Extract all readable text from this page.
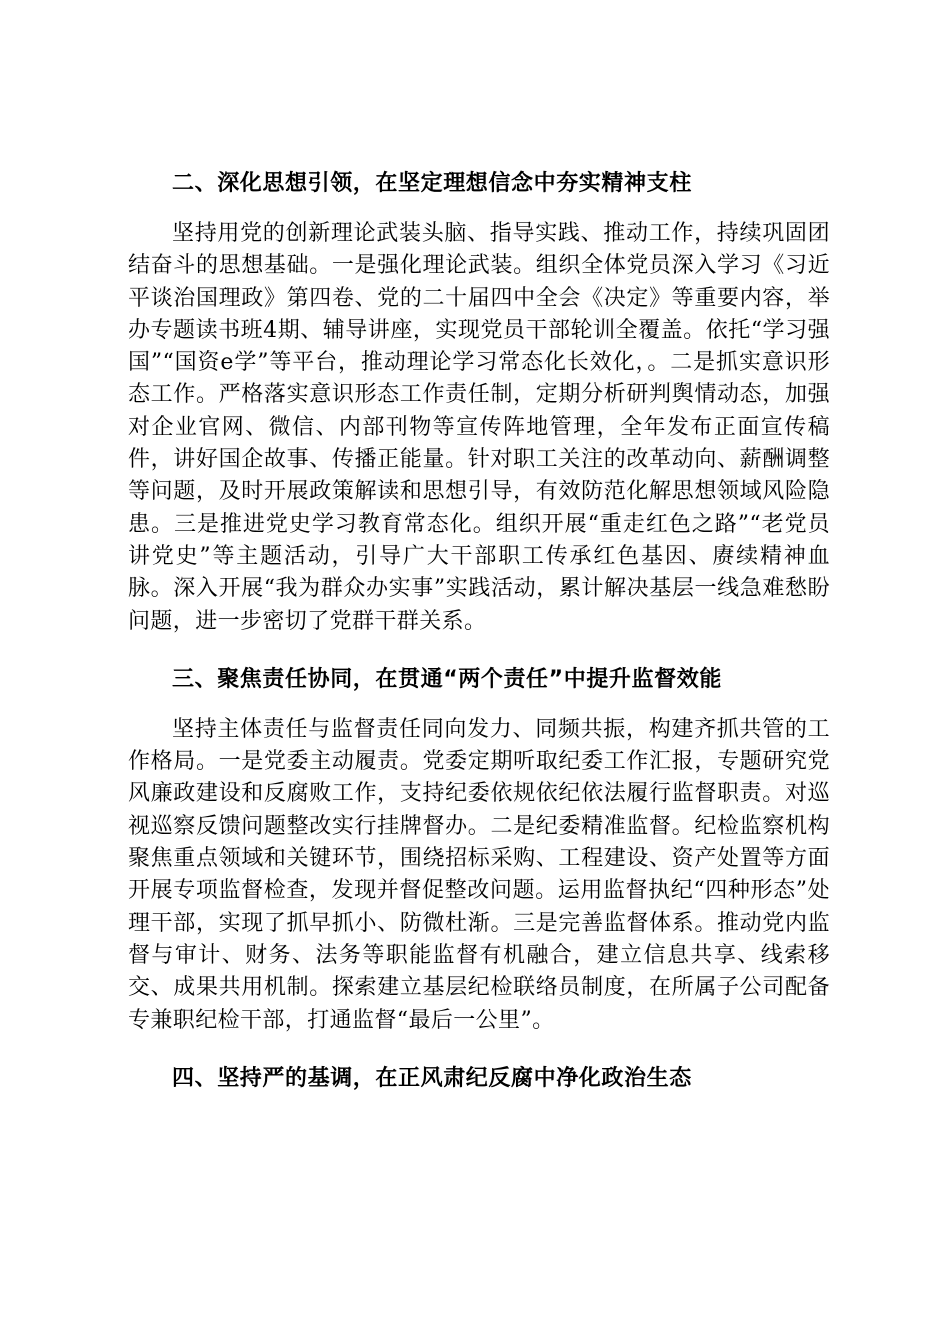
二、深化思想引领，在坚定理想信念中夯实精神支柱
坚持用党的创新理论武装头脑、指导实践、推动工作，持续巩固团结奋斗的思想基础。一是强化理论武装。组织全体党员深入学习《习近平谈治国理政》第四卷、党的二十届四中全会《决定》等重要内容，举办专题读书班4期、辅导讲座，实现党员干部轮训全覆盖。依托“学习强国”“国资e学”等平台，推动理论学习常态化长效化，。二是抓实意识形态工作。严格落实意识形态工作责任制，定期分析研判舆情动态，加强对企业官网、微信、内部刊物等宣传阵地管理，全年发布正面宣传稿件，讲好国企故事、传播正能量。针对职工关注的改革动向、薪酬调整等问题，及时开展政策解读和思想引导，有效防范化解思想领域风险隐患。三是推进党史学习教育常态化。组织开展“重走红色之路”“老党员讲党史”等主题活动，引导广大干部职工传承红色基因、赓续精神血脉。深入开展“我为群众办实事”实践活动，累计解决基层一线急难愁盼问题，进一步密切了党群干群关系。
三、聚焦责任协同，在贯通“两个责任”中提升监督效能
坚持主体责任与监督责任同向发力、同频共振，构建齐抓共管的工作格局。一是党委主动履责。党委定期听取纪委工作汇报，专题研究党风廉政建设和反腐败工作，支持纪委依规依纪依法履行监督职责。对巡视巡察反馈问题整改实行挂牌督办。二是纪委精准监督。纪检监察机构聚焦重点领域和关键环节，围绕招标采购、工程建设、资产处置等方面开展专项监督检查，发现并督促整改问题。运用监督执纪“四种形态”处理干部，实现了抓早抓小、防微杜渐。三是完善监督体系。推动党内监督与审计、财务、法务等职能监督有机融合，建立信息共享、线索移交、成果共用机制。探索建立基层纪检联络员制度，在所属子公司配备专兼职纪检干部，打通监督“最后一公里”。
四、坚持严的基调，在正风肃纪反腐中净化政治生态
